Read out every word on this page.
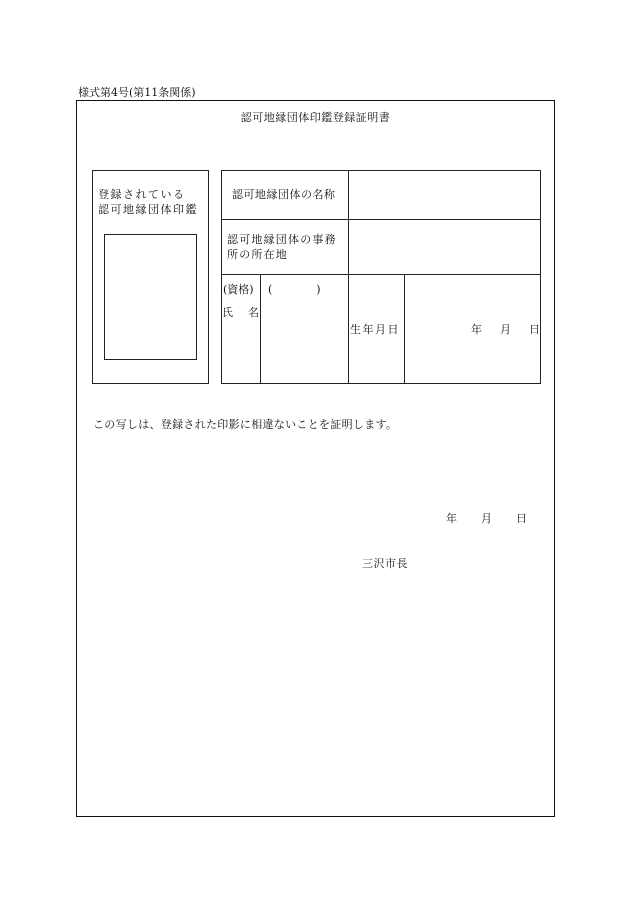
様式第4号(第11条関係)
認可地縁団体印鑑登録証明書
登録されている
認可地縁団体印鑑
認可地縁団体の名称
認可地縁団体の事務
所の所在地
(資格)
氏　名
(　　　　)
生年月日	年 月 日
この写しは、登録された印影に相違ないことを証明します。
年 月 日
三沢市長
